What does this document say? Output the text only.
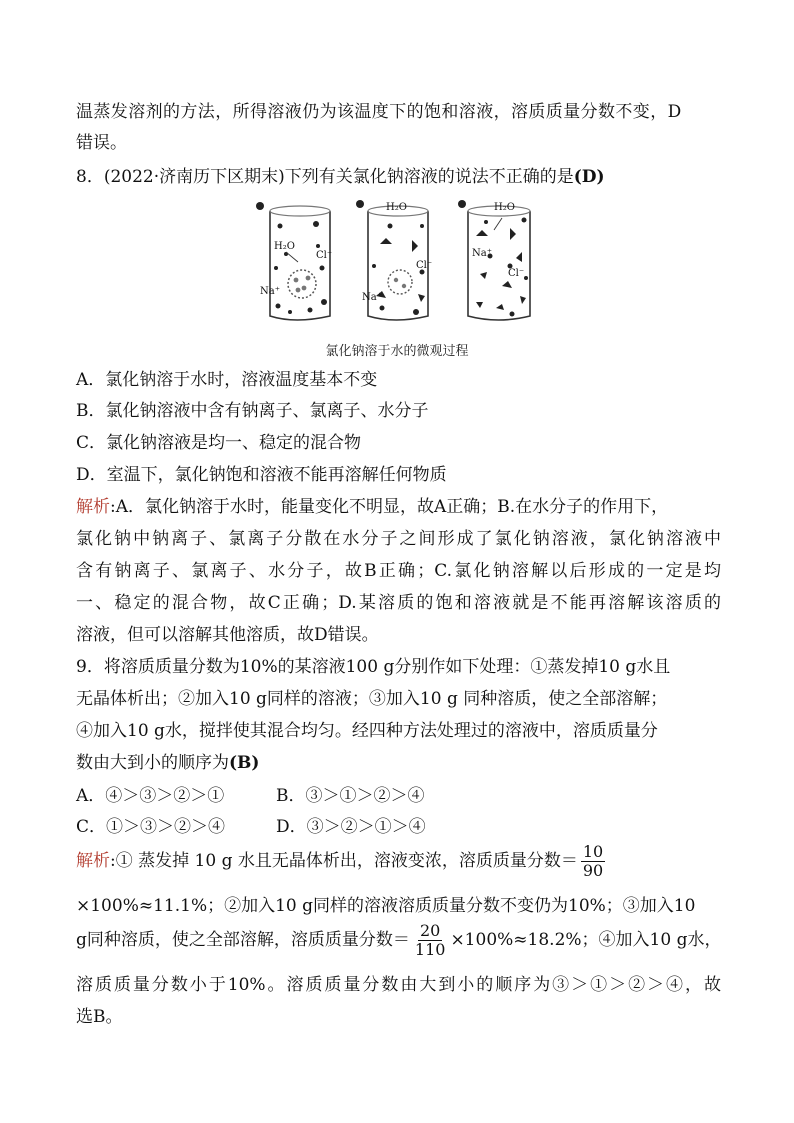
温蒸发溶剂的方法，所得溶液仍为该温度下的饱和溶液，溶质质量分数不变，D
错误。
8．(2022·济南历下区期末)下列有关氯化钠溶液的说法不正确的是(D)
H₂O
Cl⁻
Na⁺
H₂O
Cl⁻
Na⁺
H₂O
Na⁺
Cl⁻
氯化钠溶于水的微观过程
A．氯化钠溶于水时，溶液温度基本不变
B．氯化钠溶液中含有钠离子、氯离子、水分子
C．氯化钠溶液是均一、稳定的混合物
D．室温下，氯化钠饱和溶液不能再溶解任何物质
解析:A．氯化钠溶于水时，能量变化不明显，故A正确；B.在水分子的作用下，
氯化钠中钠离子、氯离子分散在水分子之间形成了氯化钠溶液，氯化钠溶液中
含有钠离子、氯离子、水分子，故B正确；C.氯化钠溶解以后形成的一定是均
一、稳定的混合物，故C正确；D.某溶质的饱和溶液就是不能再溶解该溶质的
溶液，但可以溶解其他溶质，故D错误。
9．将溶质质量分数为10%的某溶液100 g分别作如下处理：①蒸发掉10 g水且
无晶体析出；②加入10 g同样的溶液；③加入10 g 同种溶质，使之全部溶解；
④加入10 g水，搅拌使其混合均匀。经四种方法处理过的溶液中，溶质质量分
数由大到小的顺序为(B)
A．④＞③＞②＞①	B．③＞①＞②＞④
C．①＞③＞②＞④	D．③＞②＞①＞④
解析:① 蒸发掉 10 g 水且无晶体析出，溶液变浓，溶质质量分数＝ $\frac{10}{90}$
×100%≈11.1%；②加入10 g同样的溶液溶质质量分数不变仍为10%；③加入10
g同种溶质，使之全部溶解，溶质质量分数＝ $\frac{20}{110} \times 100\%\approx 18.2\%$；④加入10 g水，
溶质质量分数小于10%。溶质质量分数由大到小的顺序为③＞①＞②＞④，故
选B。
